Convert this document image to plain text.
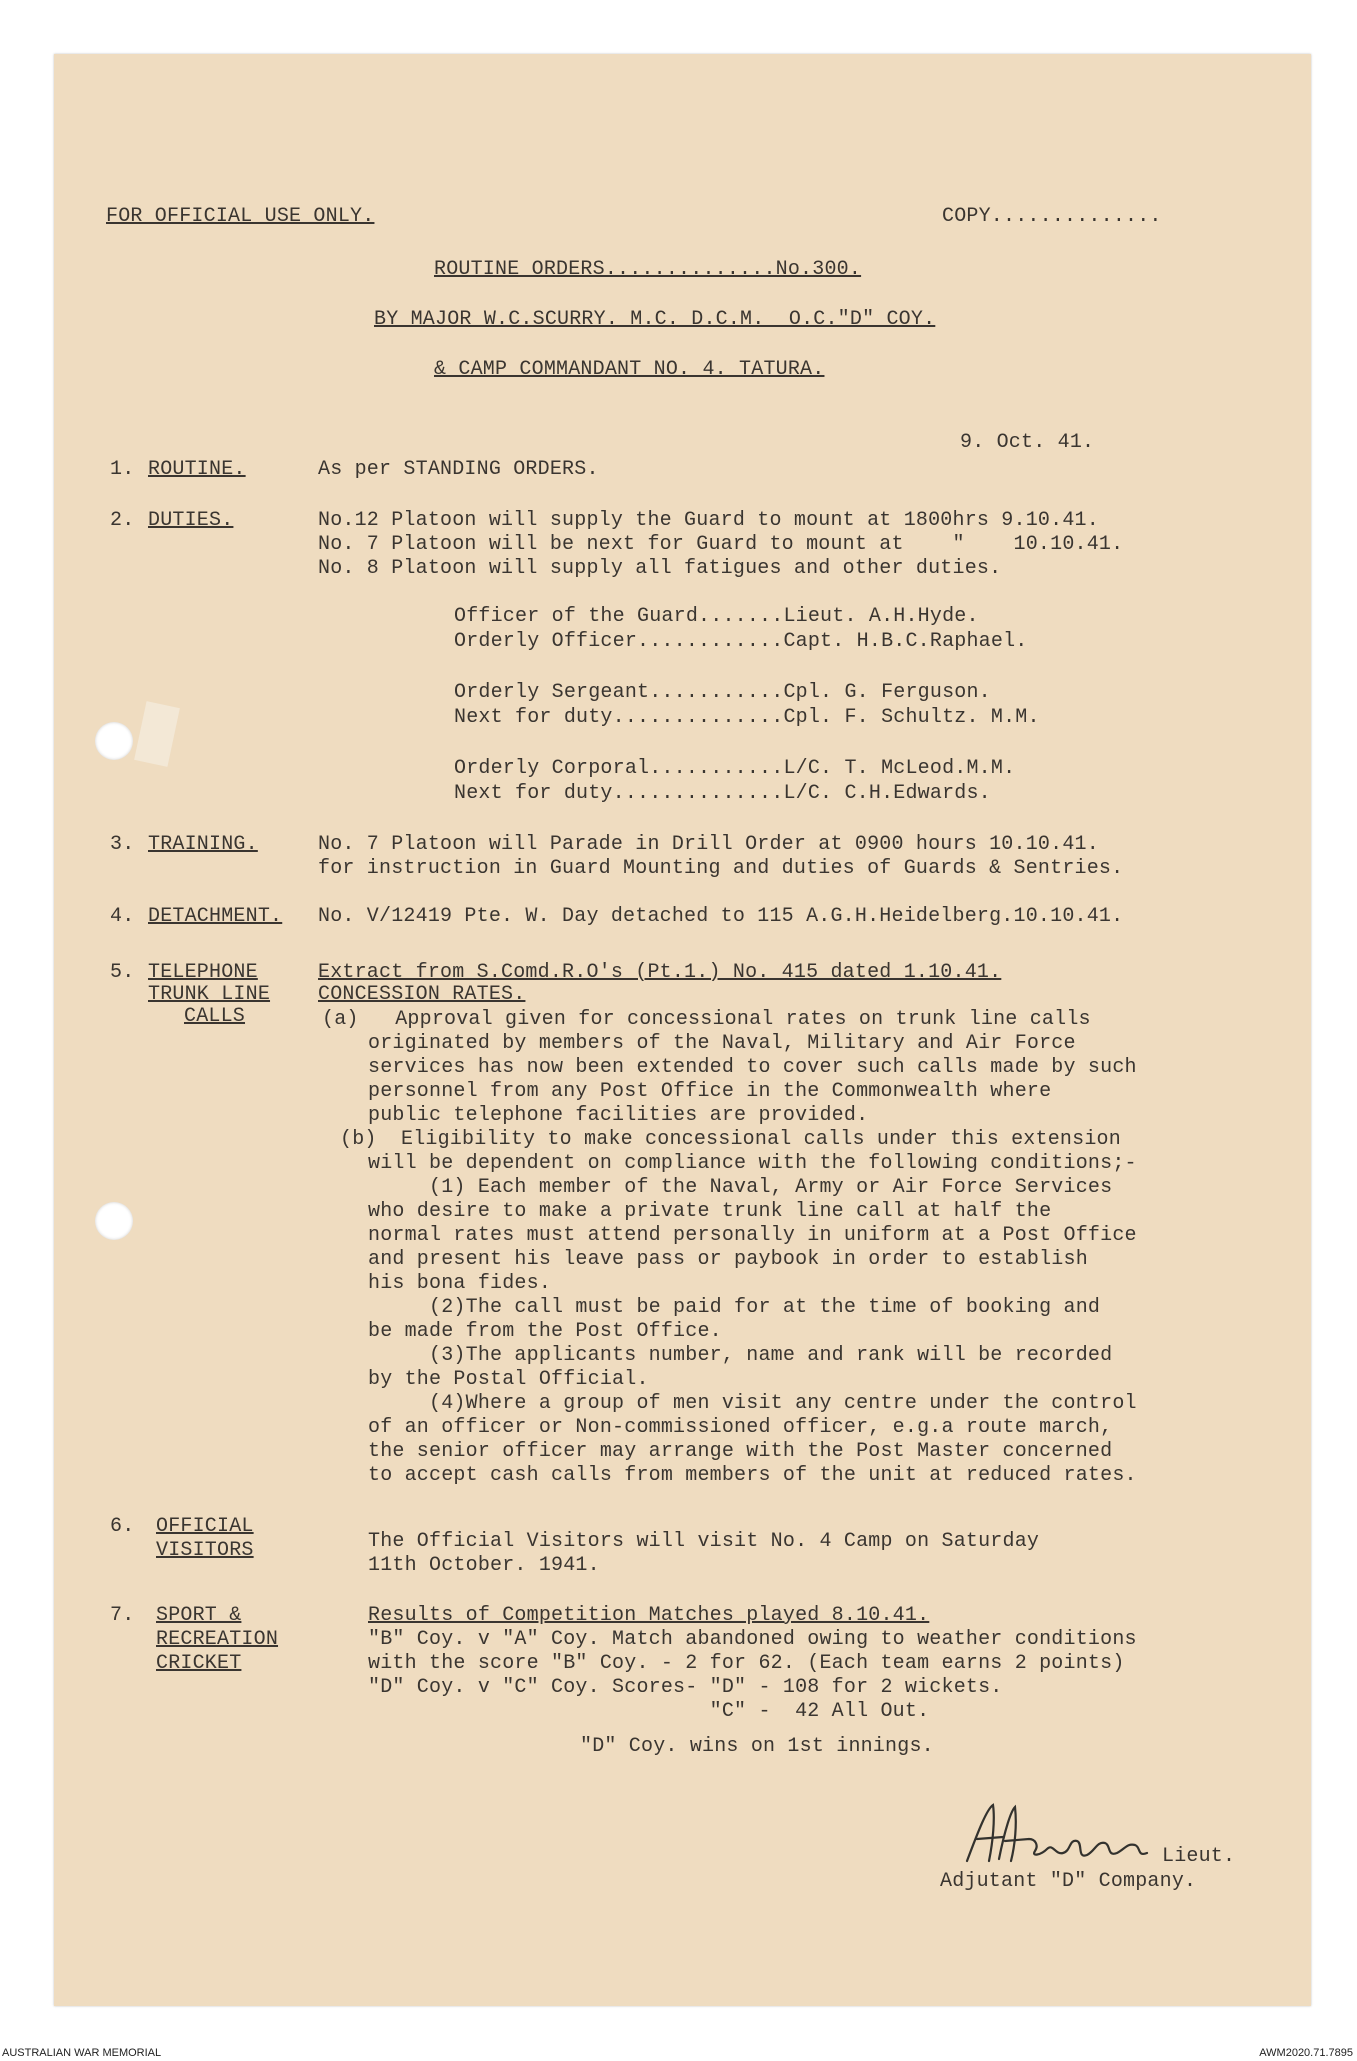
FOR OFFICIAL USE ONLY.	COPY..............
ROUTINE ORDERS..............No.300.
BY MAJOR W.C.SCURRY. M.C. D.C.M.  O.C."D" COY.
& CAMP COMMANDANT NO. 4. TATURA.
9. Oct. 41.
1. ROUTINE.	As per STANDING ORDERS.
2. DUTIES.	No.12 Platoon will supply the Guard to mount at 1800hrs 9.10.41.
No. 7 Platoon will be next for Guard to mount at    "    10.10.41.
No. 8 Platoon will supply all fatigues and other duties.
Officer of the Guard.......Lieut. A.H.Hyde.
Orderly Officer............Capt. H.B.C.Raphael.
Orderly Sergeant...........Cpl. G. Ferguson.
Next for duty..............Cpl. F. Schultz. M.M.
Orderly Corporal...........L/C. T. McLeod.M.M.
Next for duty..............L/C. C.H.Edwards.
3. TRAINING.	No. 7 Platoon will Parade in Drill Order at 0900 hours 10.10.41.
for instruction in Guard Mounting and duties of Guards & Sentries.
4. DETACHMENT. No. V/12419 Pte. W. Day detached to 115 A.G.H.Heidelberg.10.10.41.
5. TELEPHONE
TRUNK LINE
CALLS
Extract from S.Comd.R.O's (Pt.1.) No. 415 dated 1.10.41.
CONCESSION RATES.
(a)   Approval given for concessional rates on trunk line calls
originated by members of the Naval, Military and Air Force
services has now been extended to cover such calls made by such
personnel from any Post Office in the Commonwealth where
public telephone facilities are provided.
(b)  Eligibility to make concessional calls under this extension
will be dependent on compliance with the following conditions;-
(1) Each member of the Naval, Army or Air Force Services
who desire to make a private trunk line call at half the
normal rates must attend personally in uniform at a Post Office
and present his leave pass or paybook in order to establish
his bona fides.
(2)The call must be paid for at the time of booking and
be made from the Post Office.
(3)The applicants number, name and rank will be recorded
by the Postal Official.
(4)Where a group of men visit any centre under the control
of an officer or Non-commissioned officer, e.g.a route march,
the senior officer may arrange with the Post Master concerned
to accept cash calls from members of the unit at reduced rates.
6. OFFICIAL
VISITORS	The Official Visitors will visit No. 4 Camp on Saturday
11th October. 1941.
7. SPORT &
RECREATION
CRICKET
Results of Competition Matches played 8.10.41.
"B" Coy. v "A" Coy. Match abandoned owing to weather conditions
with the score "B" Coy. - 2 for 62. (Each team earns 2 points)
"D" Coy. v "C" Coy. Scores- "D" - 108 for 2 wickets.
"C" -  42 All Out.
"D" Coy. wins on 1st innings.
Lieut.
Adjutant "D" Company.
AUSTRALIAN WAR MEMORIAL	AWM2020.71.7895
